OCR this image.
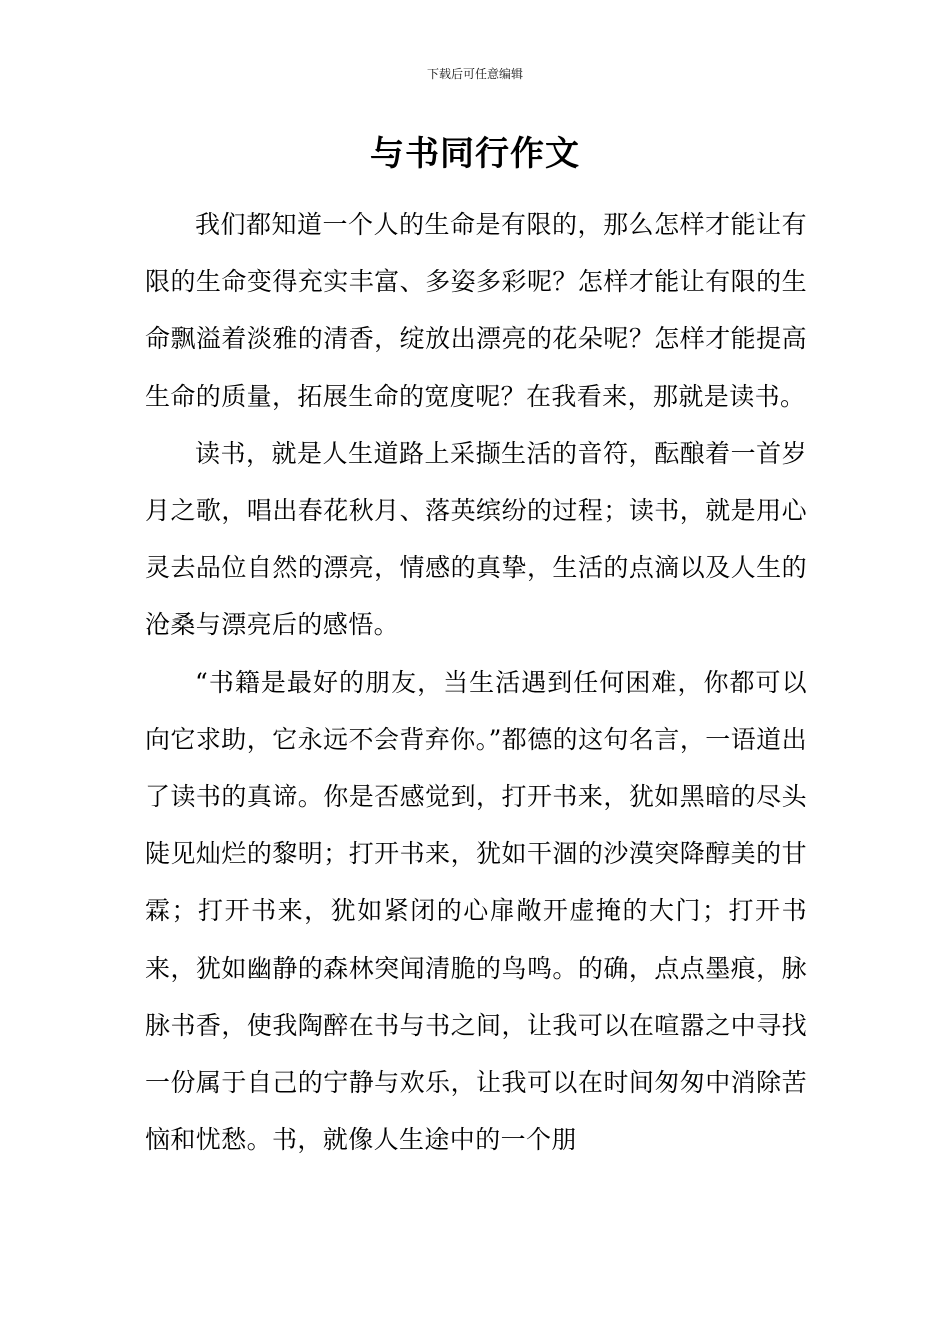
下载后可任意编辑
与书同行作文

我们都知道一个人的生命是有限的，那么怎样才能让有限的生命变得充实丰富、多姿多彩呢？怎样才能让有限的生命飘溢着淡雅的清香，绽放出漂亮的花朵呢？怎样才能提高生命的质量，拓展生命的宽度呢？在我看来，那就是读书。

读书，就是人生道路上采撷生活的音符，酝酿着一首岁月之歌，唱出春花秋月、落英缤纷的过程；读书，就是用心灵去品位自然的漂亮，情感的真挚，生活的点滴以及人生的沧桑与漂亮后的感悟。

“书籍是最好的朋友，当生活遇到任何困难，你都可以向它求助，它永远不会背弃你。”都德的这句名言，一语道出了读书的真谛。你是否感觉到，打开书来，犹如黑暗的尽头陡见灿烂的黎明；打开书来，犹如干涸的沙漠突降醇美的甘霖；打开书来，犹如紧闭的心扉敞开虚掩的大门；打开书来，犹如幽静的森林突闻清脆的鸟鸣。的确，点点墨痕，脉脉书香，使我陶醉在书与书之间，让我可以在喧嚣之中寻找一份属于自己的宁静与欢乐，让我可以在时间匆匆中消除苦恼和忧愁。书，就像人生途中的一个朋
